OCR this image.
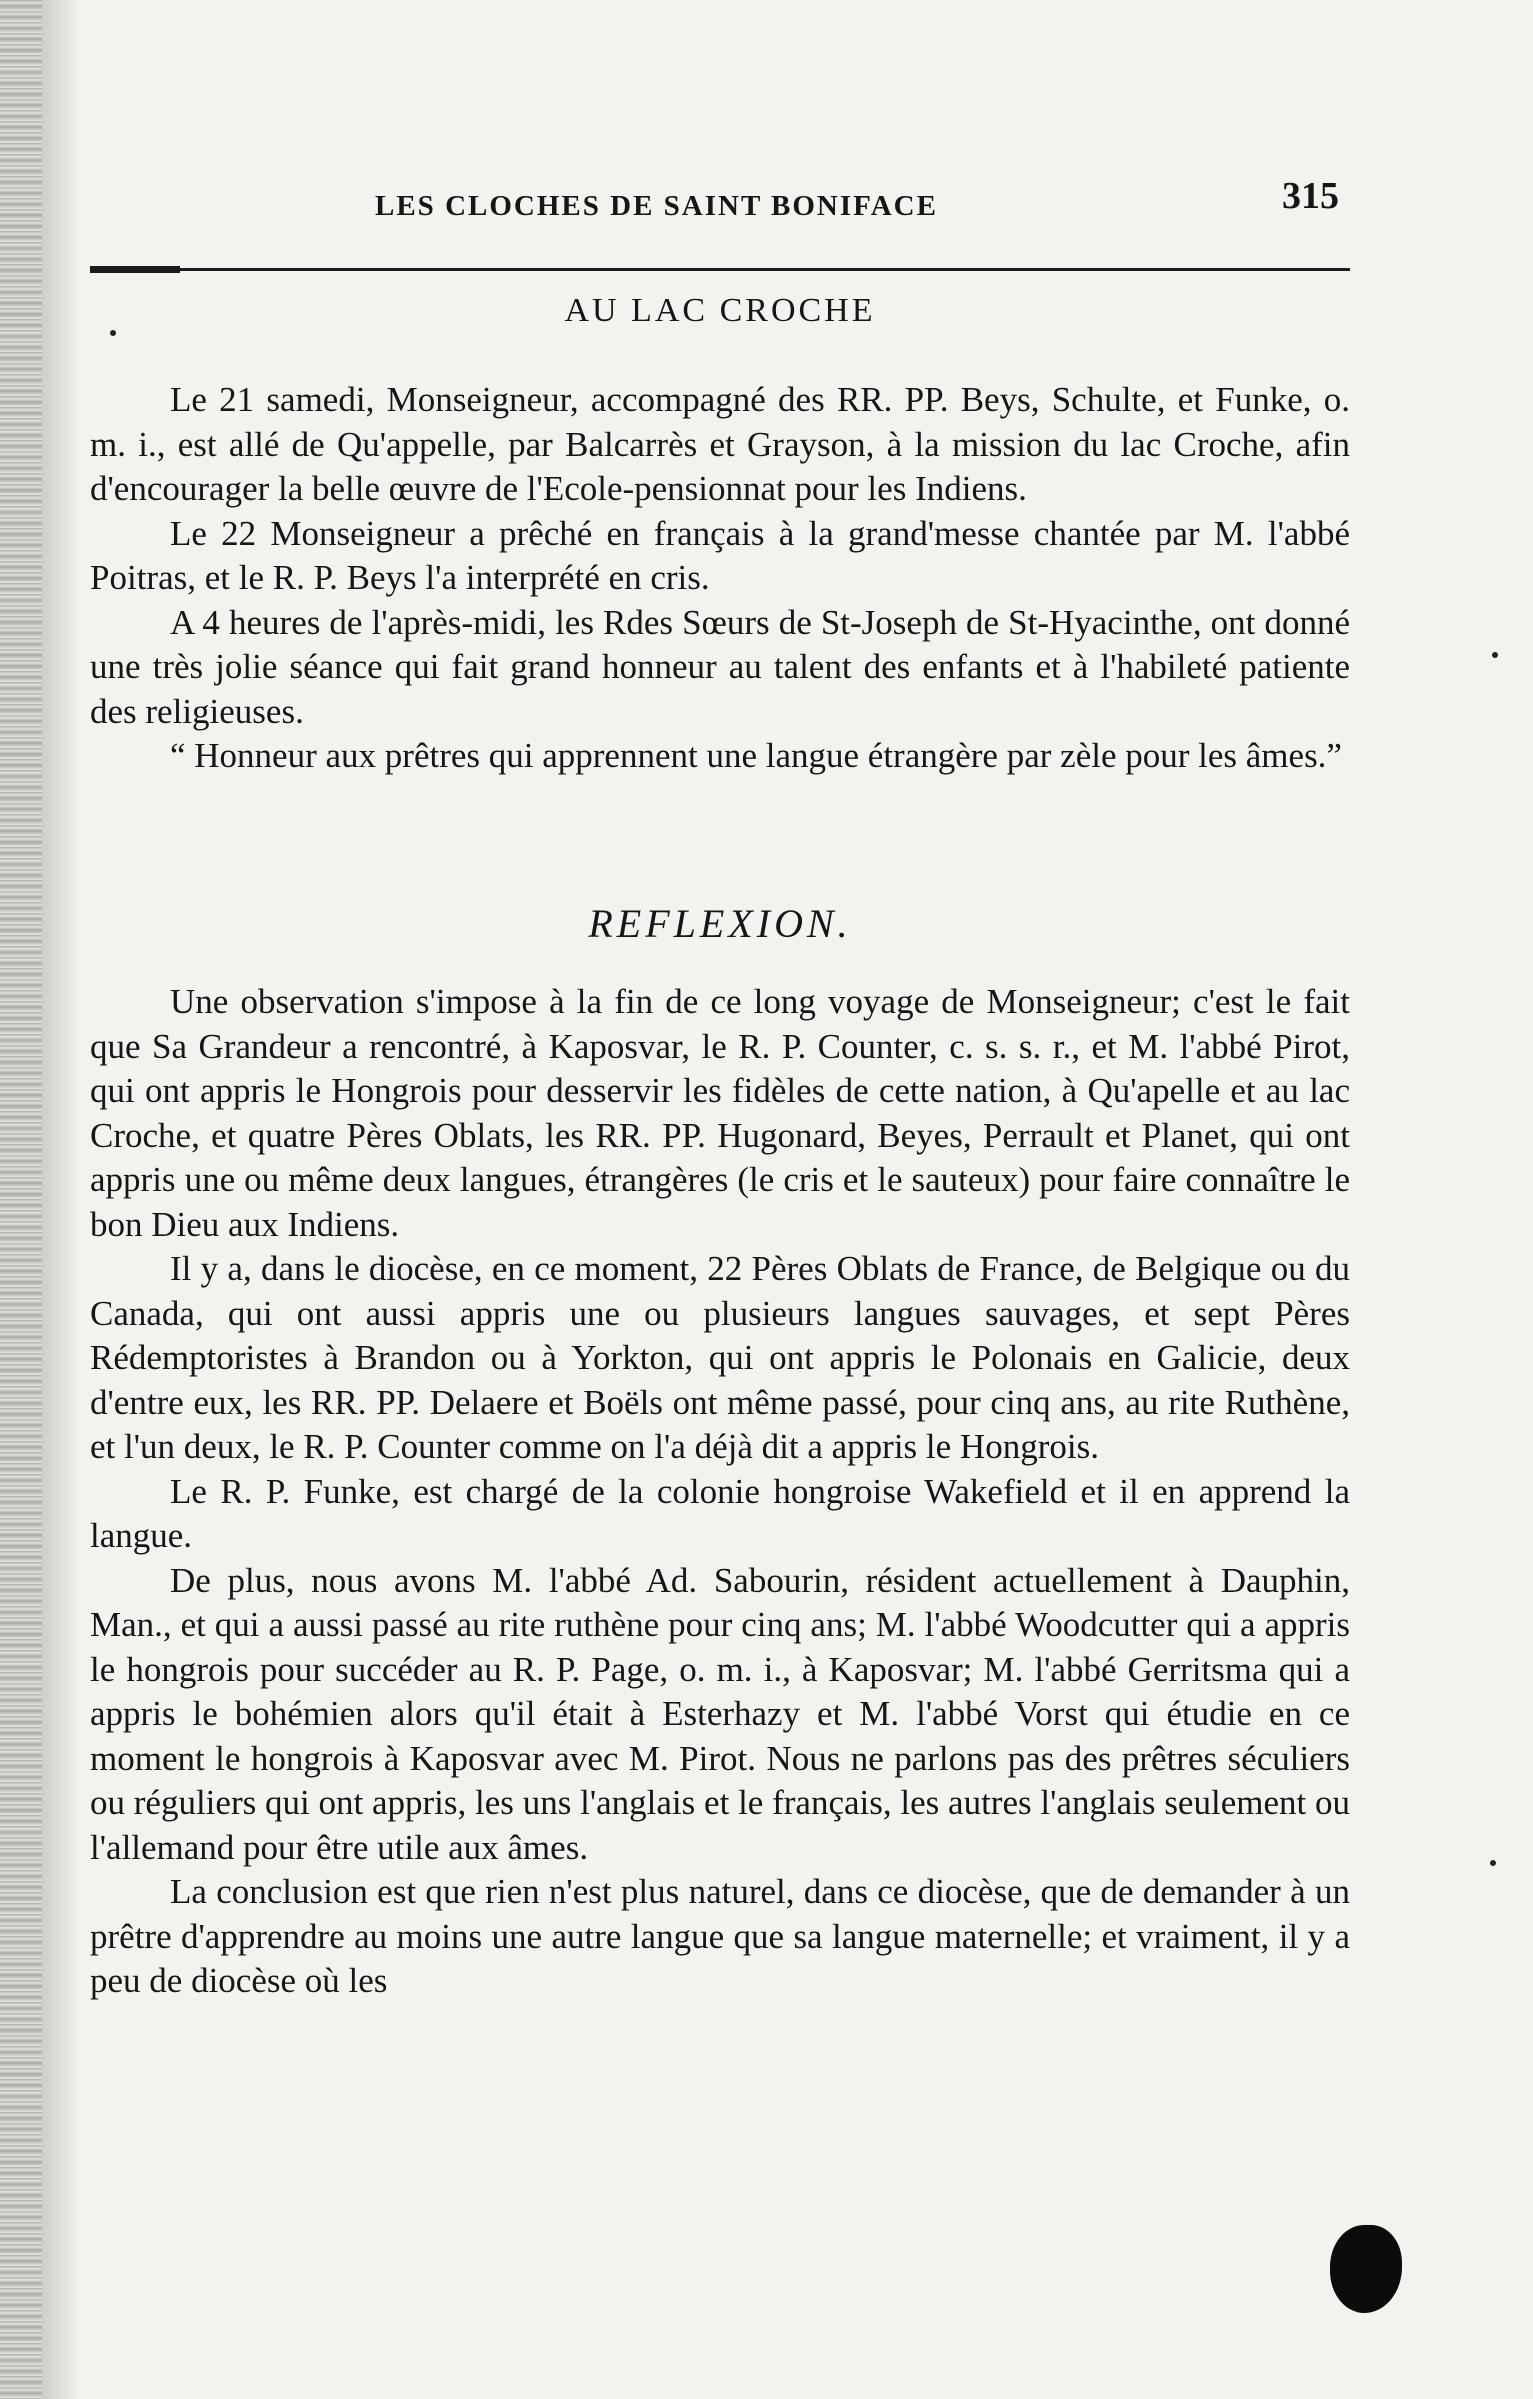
LES CLOCHES DE SAINT BONIFACE	315
AU LAC CROCHE

Le 21 samedi, Monseigneur, accompagné des RR. PP. Beys, Schulte, et Funke, o. m. i., est allé de Qu'appelle, par Balcarrès et Grayson, à la mission du lac Croche, afin d'encourager la belle œuvre de l'Ecole-pensionnat pour les Indiens.

Le 22 Monseigneur a prêché en français à la grand'messe chantée par M. l'abbé Poitras, et le R. P. Beys l'a interprété en cris.

A 4 heures de l'après-midi, les Rdes Sœurs de St-Joseph de St-Hyacinthe, ont donné une très jolie séance qui fait grand honneur au talent des enfants et à l'habileté patiente des religieuses.

“ Honneur aux prêtres qui apprennent une langue étrangère par zèle pour les âmes.”

REFLEXION.

Une observation s'impose à la fin de ce long voyage de Monseigneur; c'est le fait que Sa Grandeur a rencontré, à Kaposvar, le R. P. Counter, c. s. s. r., et M. l'abbé Pirot, qui ont appris le Hongrois pour desservir les fidèles de cette nation, à Qu'apelle et au lac Croche, et quatre Pères Oblats, les RR. PP. Hugonard, Beyes, Perrault et Planet, qui ont appris une ou même deux langues, étrangères (le cris et le sauteux) pour faire connaître le bon Dieu aux Indiens.

Il y a, dans le diocèse, en ce moment, 22 Pères Oblats de France, de Belgique ou du Canada, qui ont aussi appris une ou plusieurs langues sauvages, et sept Pères Rédemptoristes à Brandon ou à Yorkton, qui ont appris le Polonais en Galicie, deux d'entre eux, les RR. PP. Delaere et Boëls ont même passé, pour cinq ans, au rite Ruthène, et l'un deux, le R. P. Counter comme on l'a déjà dit a appris le Hongrois.

Le R. P. Funke, est chargé de la colonie hongroise Wakefield et il en apprend la langue.

De plus, nous avons M. l'abbé Ad. Sabourin, résident actuellement à Dauphin, Man., et qui a aussi passé au rite ruthène pour cinq ans; M. l'abbé Woodcutter qui a appris le hongrois pour succéder au R. P. Page, o. m. i., à Kaposvar; M. l'abbé Gerritsma qui a appris le bohémien alors qu'il était à Esterhazy et M. l'abbé Vorst qui étudie en ce moment le hongrois à Kaposvar avec M. Pirot. Nous ne parlons pas des prêtres séculiers ou réguliers qui ont appris, les uns l'anglais et le français, les autres l'anglais seulement ou l'allemand pour être utile aux âmes.

La conclusion est que rien n'est plus naturel, dans ce diocèse, que de demander à un prêtre d'apprendre au moins une autre langue que sa langue maternelle; et vraiment, il y a peu de diocèse où les
